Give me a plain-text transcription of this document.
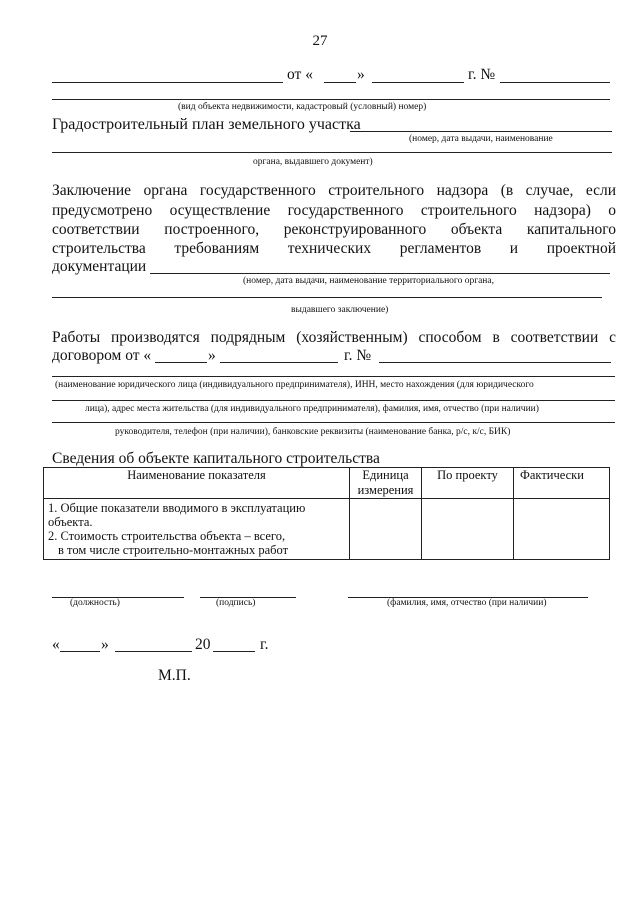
27
от «	»	г. №
(вид объекта недвижимости, кадастровый (условный) номер)
Градостроительный план земельного участка
(номер, дата выдачи, наименование
органа, выдавшего документ)
Заключение органа государственного строительного надзора (в случае, если
предусмотрено осуществление государственного строительного надзора) о
соответствии построенного, реконструированного объекта капитального
строительства требованиям технических регламентов и проектной
документации
(номер, дата выдачи, наименование территориального органа,
выдавшего заключение)
Работы производятся подрядным (хозяйственным) способом в соответствии с
договором от «	»	г. №
(наименование юридического лица (индивидуального предпринимателя), ИНН, место нахождения (для юридического
лица), адрес места жительства (для индивидуального предпринимателя), фамилия, имя, отчество (при наличии)
руководителя, телефон (при наличии), банковские реквизиты (наименование банка, р/с, к/с, БИК)
Сведения об объекте капитального строительства
Наименование показателя	Единица измерения	По проекту	Фактически

1. Общие показатели вводимого в эксплуатацию объекта.
2. Стоимость строительства объекта – всего,
в том числе строительно-монтажных работ			

(должность)	(подпись)	(фамилия, имя, отчество (при наличии)
«	»	20	г.
М.П.
